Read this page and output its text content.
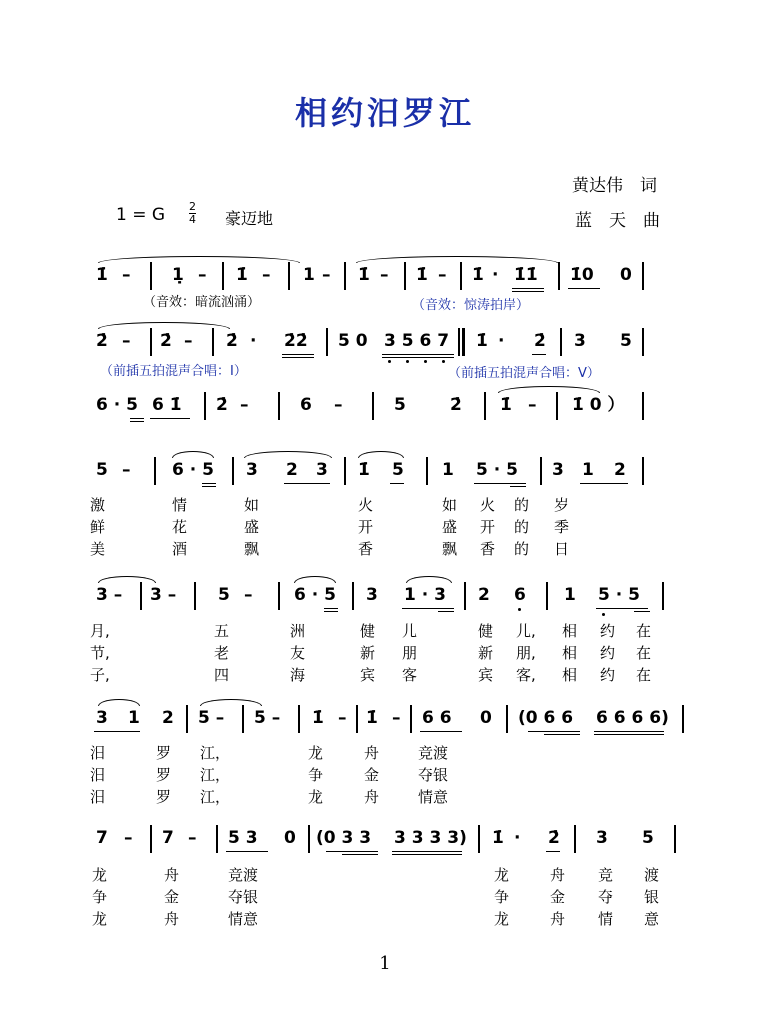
相约汨罗江
黄达伟　词
蓝　天　曲
1 = G 2
4 豪迈地
1̇ – 1̣ – 1̇ – 1 – 1̇ – 1̇ – 1̇ · 1̇1̇ 1̇0 0
（音效：暗流汹涌）	（音效：惊涛拍岸）
2̇ – 2̇ – 2̇ · 2̇2̇ 5 0 3 5 6 7 1̇ · 2̇ 3 5
（前插五拍混声合唱：Ⅰ）	（前插五拍混声合唱：Ⅴ）
6 · 5 6 1̇ 2̇ –	6 –	5	2̇ 1̇ – 1̇ 0 ）
5 – 6 · 5 3 2 3 1̇ 5 1 5 · 5 3 1 2
激	情	如	火	如 火 的 岁
鲜	花	盛	开	盛 开 的 季
美	酒	飘	香	飘 香 的 日
3 – 3 – 5 – 6 · 5 3 1 · 3 2 6 1 5 · 5
月,	五	洲	健 儿	健 儿, 相 约 在
节,	老	友	新 朋	新 朋, 相 约 在
子,	四	海	宾 客	宾 客, 相 约 在
3 1 2 5 – 5 – 1̇ – 1̇ – 6 6 0 (0 6 6 6 6 6 6)
汨	罗 江，	龙	舟	竞渡
汨	罗 江，	争	金	夺银
汨	罗 江，	龙	舟	情意
7 – 7 – 5 3 0 (0 3 3 3 3 3 3) 1̇ · 2̇ 3 5
龙	舟	竞渡	龙	舟 竞 渡
争	金	夺银	争	金 夺 银
龙	舟	情意	龙	舟 情 意
1
